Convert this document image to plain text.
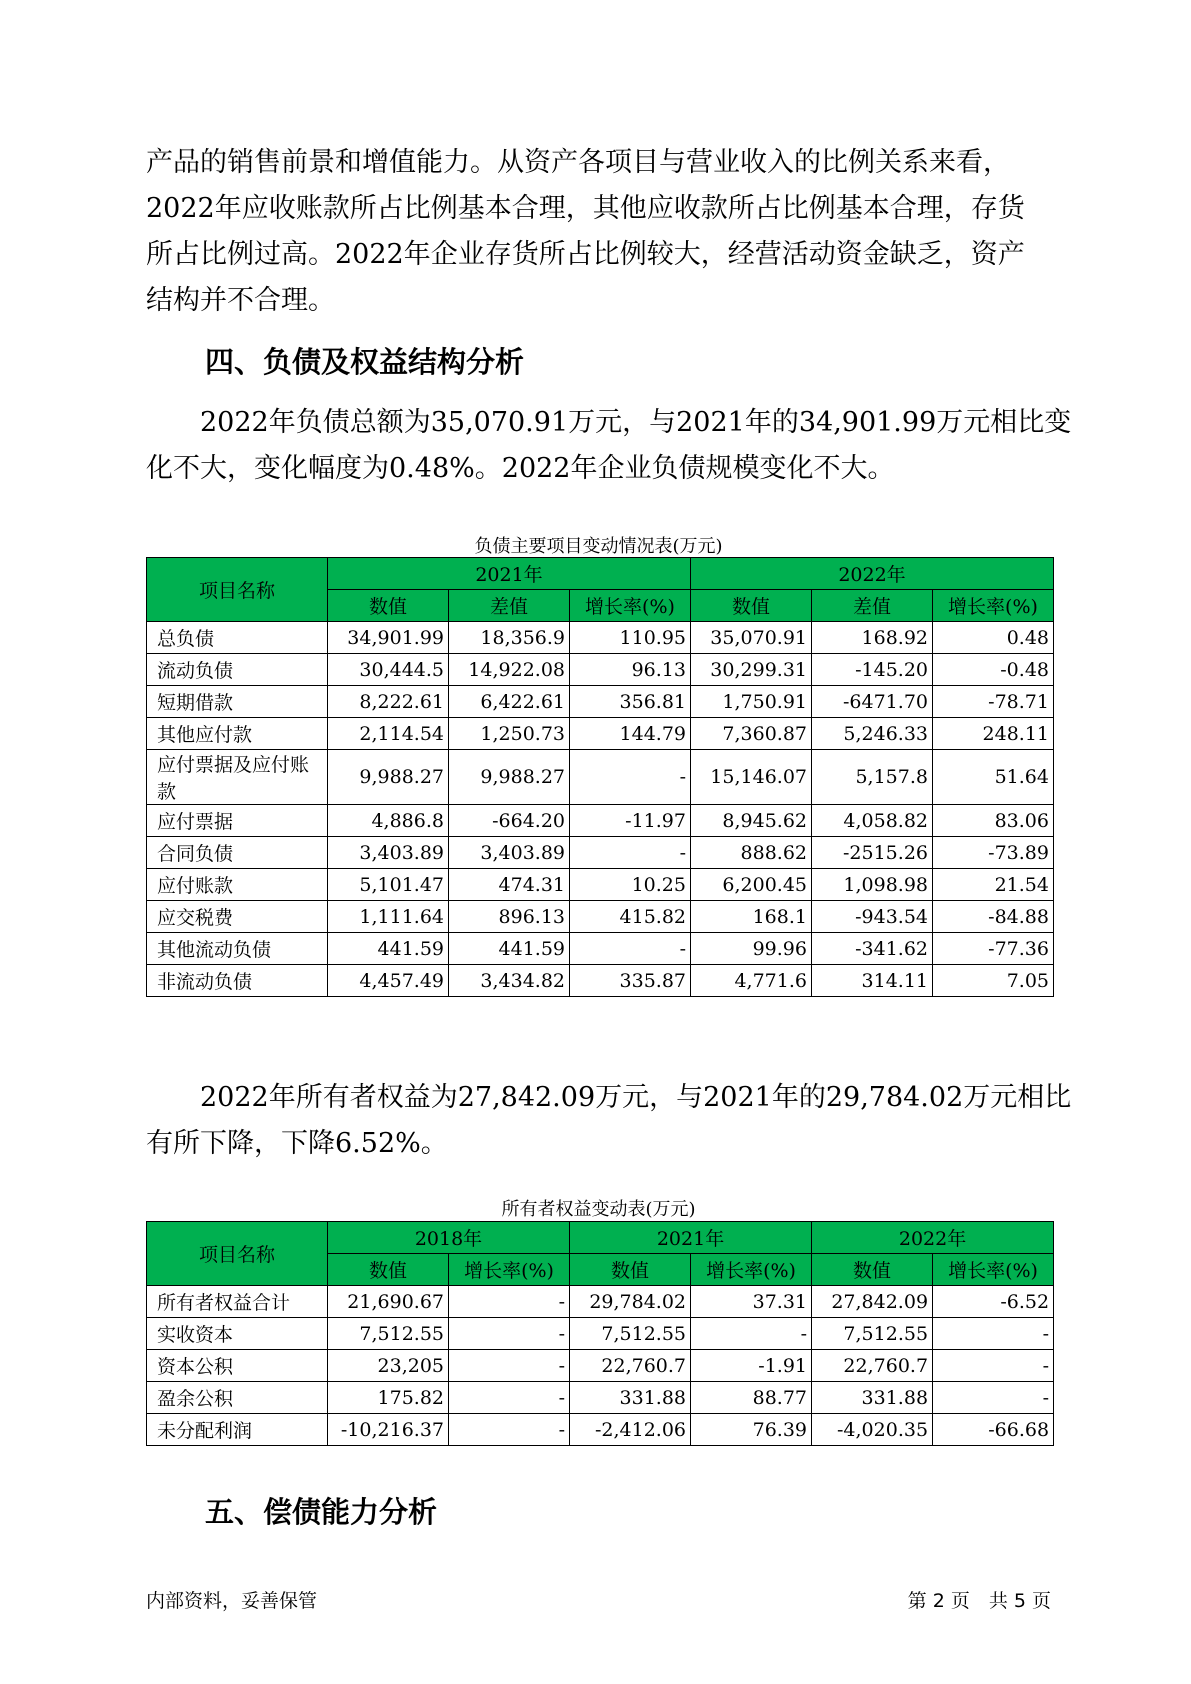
产品的销售前景和增值能力。从资产各项目与营业收入的比例关系来看，
2022年应收账款所占比例基本合理，其他应收款所占比例基本合理，存货
所占比例过高。2022年企业存货所占比例较大，经营活动资金缺乏，资产
结构并不合理。

四、负债及权益结构分析

　　2022年负债总额为35,070.91万元，与2021年的34,901.99万元相比变
化不大，变化幅度为0.48%。2022年企业负债规模变化不大。

负债主要项目变动情况表(万元)

项目名称	2021年			2022年		
	数值	差值	增长率(%)	数值	差值	增长率(%)
总负债	34,901.99	18,356.9	110.95	35,070.91	168.92	0.48
流动负债	30,444.5	14,922.08	96.13	30,299.31	-145.20	-0.48
短期借款	8,222.61	6,422.61	356.81	1,750.91	-6471.70	-78.71
其他应付款	2,114.54	1,250.73	144.79	7,360.87	5,246.33	248.11
应付票据及应付账款	9,988.27	9,988.27	-	15,146.07	5,157.8	51.64
应付票据	4,886.8	-664.20	-11.97	8,945.62	4,058.82	83.06
合同负债	3,403.89	3,403.89	-	888.62	-2515.26	-73.89
应付账款	5,101.47	474.31	10.25	6,200.45	1,098.98	21.54
应交税费	1,111.64	896.13	415.82	168.1	-943.54	-84.88
其他流动负债	441.59	441.59	-	99.96	-341.62	-77.36
非流动负债	4,457.49	3,434.82	335.87	4,771.6	314.11	7.05

　　2022年所有者权益为27,842.09万元，与2021年的29,784.02万元相比
有所下降，下降6.52%。

所有者权益变动表(万元)

项目名称	2018年		2021年		2022年	
	数值	增长率(%)	数值	增长率(%)	数值	增长率(%)
所有者权益合计	21,690.67	-	29,784.02	37.31	27,842.09	-6.52
实收资本	7,512.55	-	7,512.55	-	7,512.55	-
资本公积	23,205	-	22,760.7	-1.91	22,760.7	-
盈余公积	175.82	-	331.88	88.77	331.88	-
未分配利润	-10,216.37	-	-2,412.06	76.39	-4,020.35	-66.68
五、偿债能力分析
内部资料，妥善保管	第 2 页　共 5 页
